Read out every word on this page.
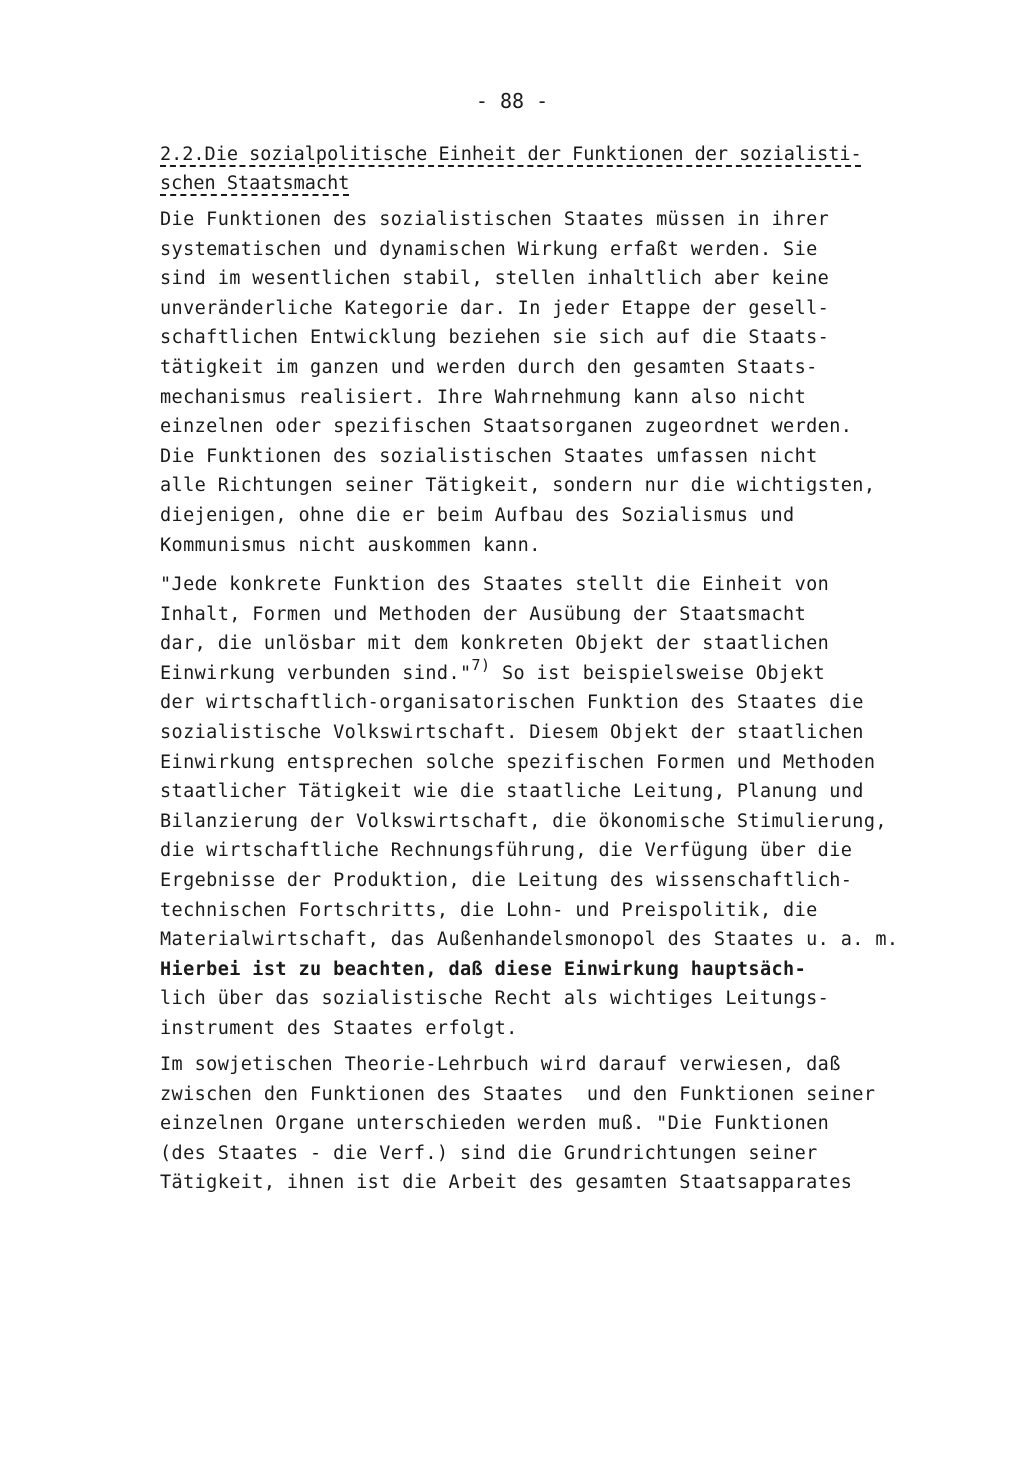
- 88 -
2.2.Die sozialpolitische Einheit der Funktionen der sozialisti-
schen Staatsmacht
Die Funktionen des sozialistischen Staates müssen in ihrer
systematischen und dynamischen Wirkung erfaßt werden. Sie
sind im wesentlichen stabil, stellen inhaltlich aber keine
unveränderliche Kategorie dar. In jeder Etappe der gesell-
schaftlichen Entwicklung beziehen sie sich auf die Staats-
tätigkeit im ganzen und werden durch den gesamten Staats-
mechanismus realisiert. Ihre Wahrnehmung kann also nicht
einzelnen oder spezifischen Staatsorganen zugeordnet werden.
Die Funktionen des sozialistischen Staates umfassen nicht
alle Richtungen seiner Tätigkeit, sondern nur die wichtigsten,
diejenigen, ohne die er beim Aufbau des Sozialismus und
Kommunismus nicht auskommen kann.
"Jede konkrete Funktion des Staates stellt die Einheit von
Inhalt, Formen und Methoden der Ausübung der Staatsmacht
dar, die unlösbar mit dem konkreten Objekt der staatlichen
Einwirkung verbunden sind."$^{7)}$ So ist beispielsweise Objekt
der wirtschaftlich-organisatorischen Funktion des Staates die
sozialistische Volkswirtschaft. Diesem Objekt der staatlichen
Einwirkung entsprechen solche spezifischen Formen und Methoden
staatlicher Tätigkeit wie die staatliche Leitung, Planung und
Bilanzierung der Volkswirtschaft, die ökonomische Stimulierung,
die wirtschaftliche Rechnungsführung, die Verfügung über die
Ergebnisse der Produktion, die Leitung des wissenschaftlich-
technischen Fortschritts, die Lohn- und Preispolitik, die
Materialwirtschaft, das Außenhandelsmonopol des Staates u. a. m.
Hierbei ist zu beachten, daß diese Einwirkung hauptsäch-
lich über das sozialistische Recht als wichtiges Leitungs-
instrument des Staates erfolgt.
Im sowjetischen Theorie-Lehrbuch wird darauf verwiesen, daß
zwischen den Funktionen des Staates  und den Funktionen seiner
einzelnen Organe unterschieden werden muß. "Die Funktionen
(des Staates - die Verf.) sind die Grundrichtungen seiner
Tätigkeit, ihnen ist die Arbeit des gesamten Staatsapparates
